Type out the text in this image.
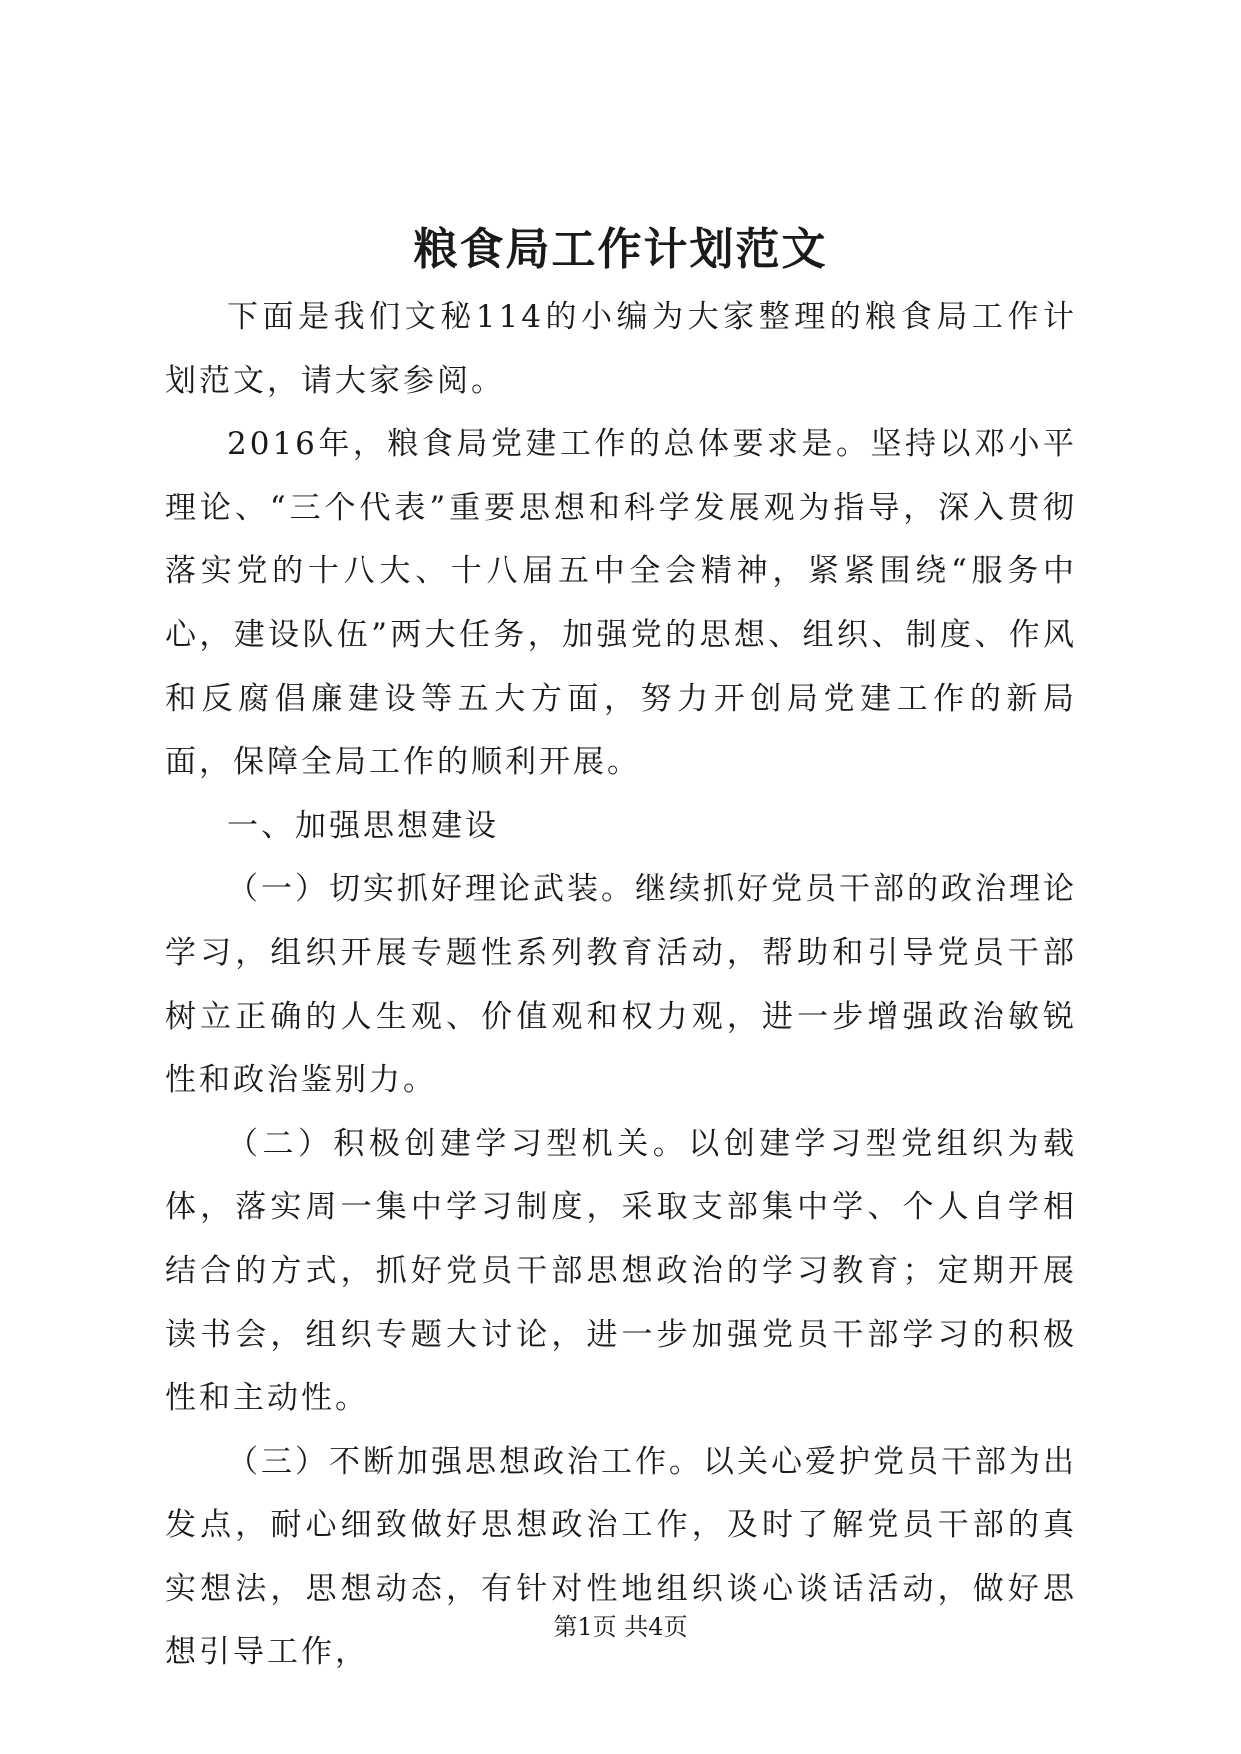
粮食局工作计划范文

下面是我们文秘114的小编为大家整理的粮食局工作计划范文，请大家参阅。

2016年，粮食局党建工作的总体要求是。坚持以邓小平理论、“三个代表”重要思想和科学发展观为指导，深入贯彻落实党的十八大、十八届五中全会精神，紧紧围绕“服务中心，建设队伍”两大任务，加强党的思想、组织、制度、作风和反腐倡廉建设等五大方面，努力开创局党建工作的新局面，保障全局工作的顺利开展。

一、加强思想建设

（一）切实抓好理论武装。继续抓好党员干部的政治理论学习，组织开展专题性系列教育活动，帮助和引导党员干部树立正确的人生观、价值观和权力观，进一步增强政治敏锐性和政治鉴别力。

（二）积极创建学习型机关。以创建学习型党组织为载体，落实周一集中学习制度，采取支部集中学、个人自学相结合的方式，抓好党员干部思想政治的学习教育；定期开展读书会，组织专题大讨论，进一步加强党员干部学习的积极性和主动性。

（三）不断加强思想政治工作。以关心爱护党员干部为出发点，耐心细致做好思想政治工作，及时了解党员干部的真实想法，思想动态，有针对性地组织谈心谈话活动，做好思想引导工作，

第1页 共4页
